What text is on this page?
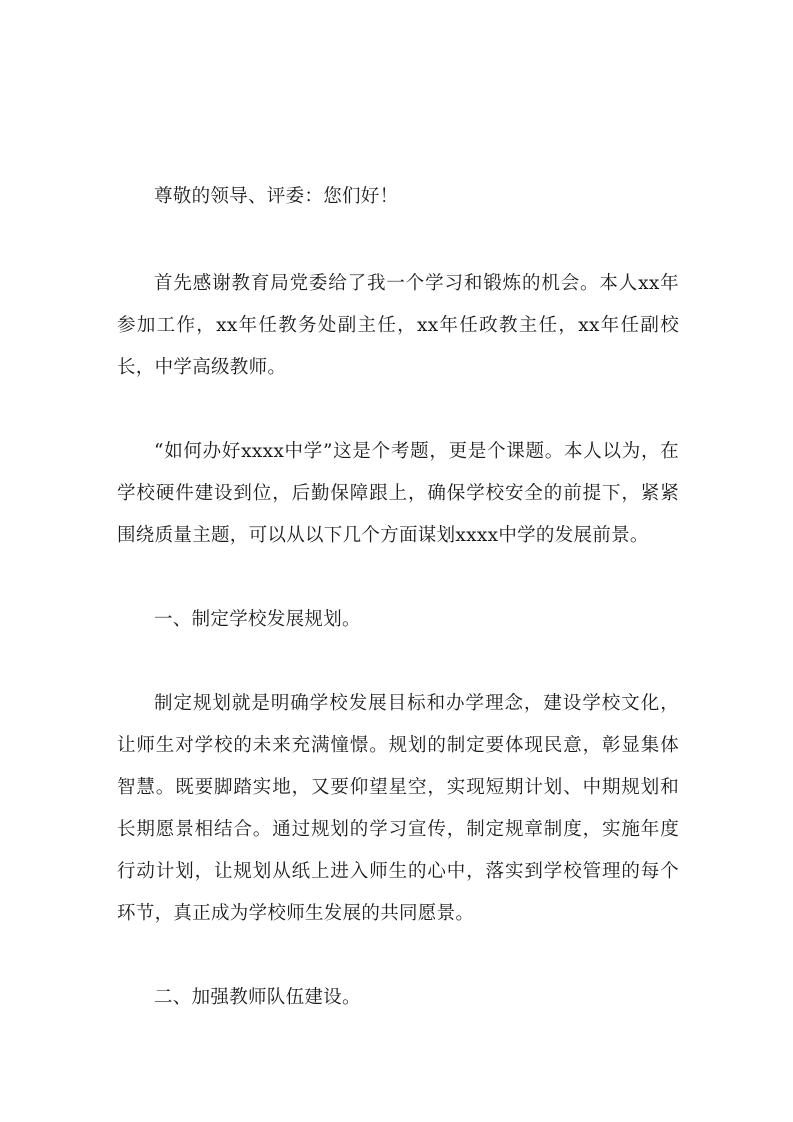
尊敬的领导、评委：您们好！

首先感谢教育局党委给了我一个学习和锻炼的机会。本人xx年参加工作，xx年任教务处副主任，xx年任政教主任，xx年任副校长，中学高级教师。

“如何办好xxxx中学”这是个考题，更是个课题。本人以为，在学校硬件建设到位，后勤保障跟上，确保学校安全的前提下，紧紧围绕质量主题，可以从以下几个方面谋划xxxx中学的发展前景。

一、制定学校发展规划。

制定规划就是明确学校发展目标和办学理念，建设学校文化，让师生对学校的未来充满憧憬。规划的制定要体现民意，彰显集体智慧。既要脚踏实地，又要仰望星空，实现短期计划、中期规划和长期愿景相结合。通过规划的学习宣传，制定规章制度，实施年度行动计划，让规划从纸上进入师生的心中，落实到学校管理的每个环节，真正成为学校师生发展的共同愿景。

二、加强教师队伍建设。
